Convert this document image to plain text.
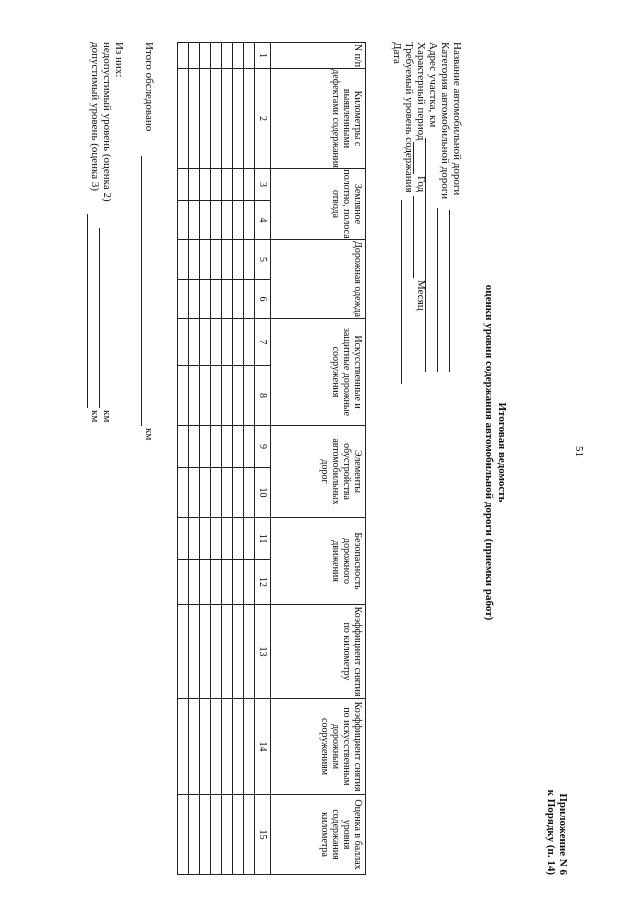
51
Приложение N 6
к Порядку (п. 14)
Итоговая ведомость
оценки уровня содержания автомобильной дороги (приемки работ)
Название автомобильной дороги
Категория автомобильной дороги
Адрес участка, км
Характерный период
Год
Месяц
Требуемый уровень содержания
Дата
N п/п	Километры с выявленными дефектами содержания	Земляное полотно, полоса отвода		Дорожная одежда		Искусственные и защитные дорожные сооружения		Элементы обустройства автомобильных дорог		Безопасность дорожного движения		Коэффициент снятия по километру	Коэффициент снятия по искусственным дорожным сооружениям	Оценка в баллах уровня содержания километра
1	2	3	4	5	6	7	8	9	10	11	12	13	14	15

Итого обследовано
км
Из них:
недопустимый уровень (оценка 2)
км
допустимый уровень (оценка 3)
км
